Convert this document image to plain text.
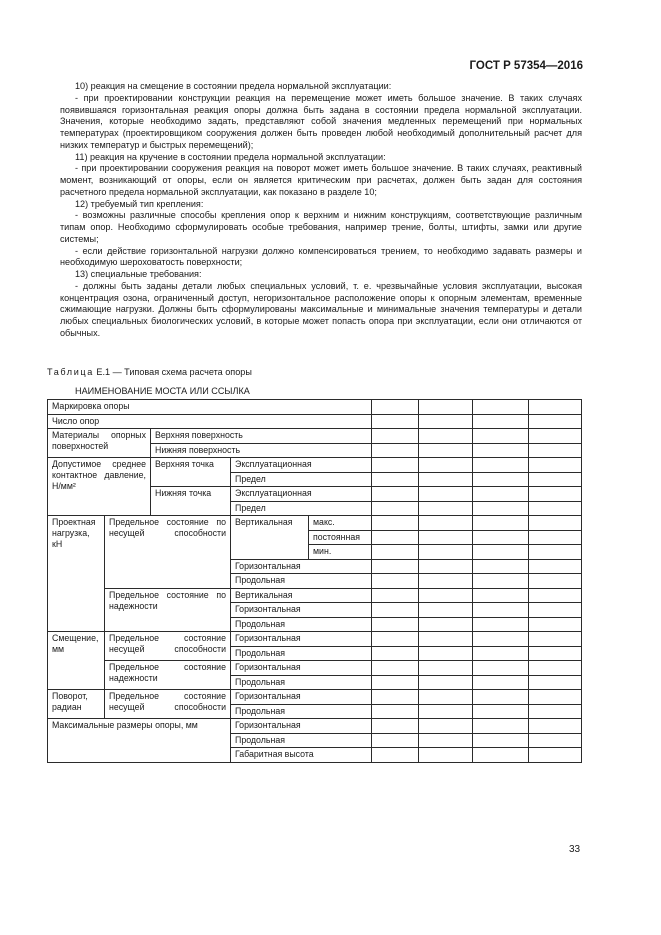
ГОСТ Р 57354—2016

10) реакция на смещение в состоянии предела нормальной эксплуатации:

- при проектировании конструкции реакция на перемещение может иметь большое значение. В таких случаях появившаяся горизонтальная реакция опоры должна быть задана в состоянии предела нормальной эксплуатации. Значения, которые необходимо задать, представляют собой значения медленных перемещений при нормальных температурах (проектировщиком сооружения должен быть проведен любой необходимый дополнительный расчет для низких температур и быстрых перемещений);

11) реакция на кручение в состоянии предела нормальной эксплуатации:

- при проектировании сооружения реакция на поворот может иметь большое значение. В таких случаях, реактивный момент, возникающий от опоры, если он является критическим при расчетах, должен быть задан для состояния расчетного предела нормальной эксплуатации, как показано в разделе 10;

12) требуемый тип крепления:

- возможны различные способы крепления опор к верхним и нижним конструкциям, соответствующие различным типам опор. Необходимо сформулировать особые требования, например трение, болты, штифты, замки или другие системы;

- если действие горизонтальной нагрузки должно компенсироваться трением, то необходимо задавать размеры и необходимую шероховатость поверхности;

13) специальные требования:

- должны быть заданы детали любых специальных условий, т. е. чрезвычайные условия эксплуатации, высокая концентрация озона, ограниченный доступ, негоризонтальное расположение опоры к опорным элементам, временные сжимающие нагрузки. Должны быть сформулированы максимальные и минимальные значения температуры и детали любых специальных биологических условий, в которые может попасть опора при эксплуатации, если они отличаются от обычных.

Таблица Е.1 — Типовая схема расчета опоры
НАИМЕНОВАНИЕ МОСТА ИЛИ ССЫЛКА
Маркировка опоры								
Число опор								
Материалы опорных поверхностей		Верхняя поверхность						
		Нижняя поверхность						
Допустимое среднее контактное давление, Н/мм²		Верхняя точка	Эксплуатационная					
			Предел					
		Нижняя точка	Эксплуатационная					
			Предел					
Проектная нагрузка, кН	Предельное состояние по несущей способности		Вертикальная	макс.				
				постоянная				
				мин.				
			Горизонтальная					
			Продольная					
	Предельное состояние по надежности		Вертикальная					
			Горизонтальная					
			Продольная					
Смещение, мм	Предельное состояние несущей способности		Горизонтальная					
			Продольная					
	Предельное состояние надежности		Горизонтальная					
			Продольная					
Поворот, радиан	Предельное состояние несущей способности		Горизонтальная					
			Продольная					
Максимальные размеры опоры, мм			Горизонтальная					
			Продольная					
			Габаритная высота					
33
